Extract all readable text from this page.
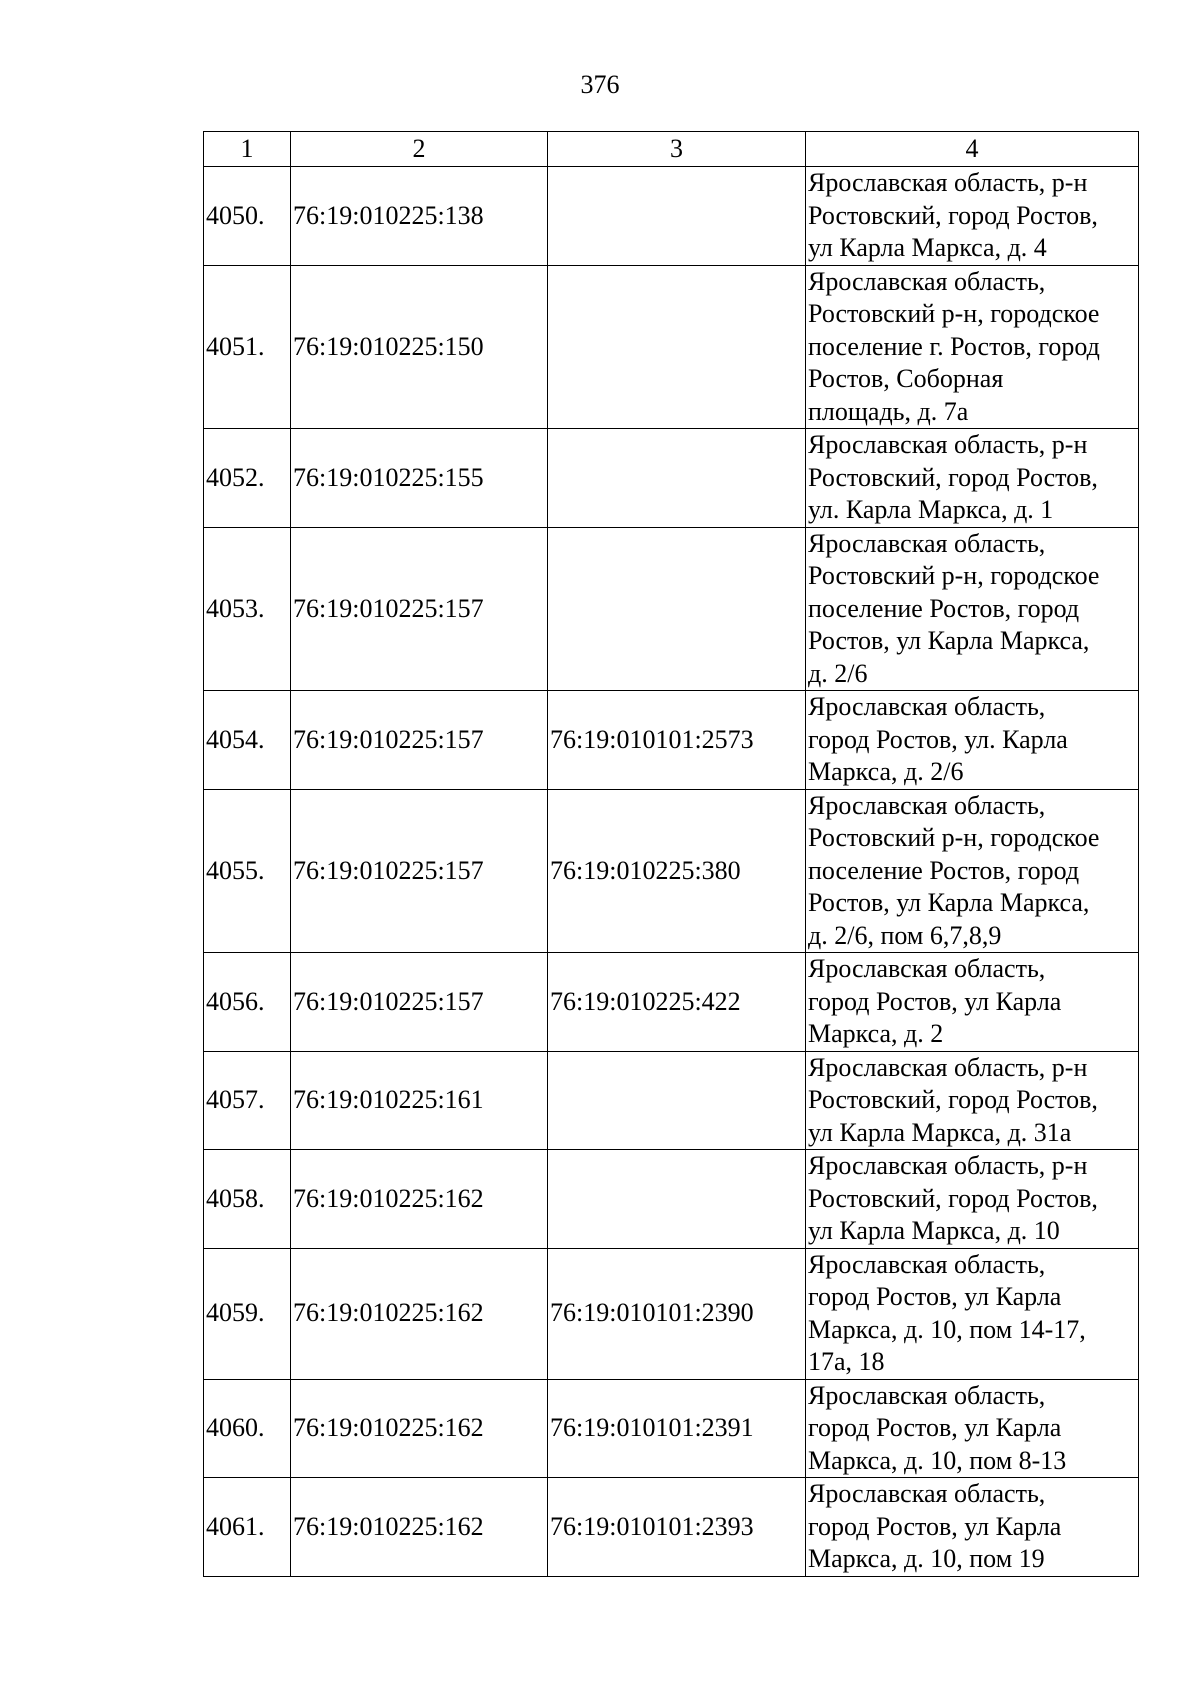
376
1	2	3	4
4050.	76:19:010225:138		Ярославская область, р-н
Ростовский, город Ростов,
ул Карла Маркса, д. 4

4051.	76:19:010225:150		Ярославская область,
Ростовский р-н, городское
поселение г. Ростов, город
Ростов, Соборная
площадь, д. 7а

4052.	76:19:010225:155		Ярославская область, р-н
Ростовский, город Ростов,
ул. Карла Маркса, д. 1

4053.	76:19:010225:157		Ярославская область,
Ростовский р-н, городское
поселение Ростов, город
Ростов, ул Карла Маркса,
д. 2/6

4054.	76:19:010225:157	76:19:010101:2573	Ярославская область,
город Ростов, ул. Карла
Маркса, д. 2/6

4055.	76:19:010225:157	76:19:010225:380	Ярославская область,
Ростовский р-н, городское
поселение Ростов, город
Ростов, ул Карла Маркса,
д. 2/6, пом 6,7,8,9

4056.	76:19:010225:157	76:19:010225:422	Ярославская область,
город Ростов, ул Карла
Маркса, д. 2

4057.	76:19:010225:161		Ярославская область, р-н
Ростовский, город Ростов,
ул Карла Маркса, д. 31а

4058.	76:19:010225:162		Ярославская область, р-н
Ростовский, город Ростов,
ул Карла Маркса, д. 10

4059.	76:19:010225:162	76:19:010101:2390	Ярославская область,
город Ростов, ул Карла
Маркса, д. 10, пом 14-17,
17а, 18

4060.	76:19:010225:162	76:19:010101:2391	Ярославская область,
город Ростов, ул Карла
Маркса, д. 10, пом 8-13

4061.	76:19:010225:162	76:19:010101:2393	Ярославская область,
город Ростов, ул Карла
Маркса, д. 10, пом 19
